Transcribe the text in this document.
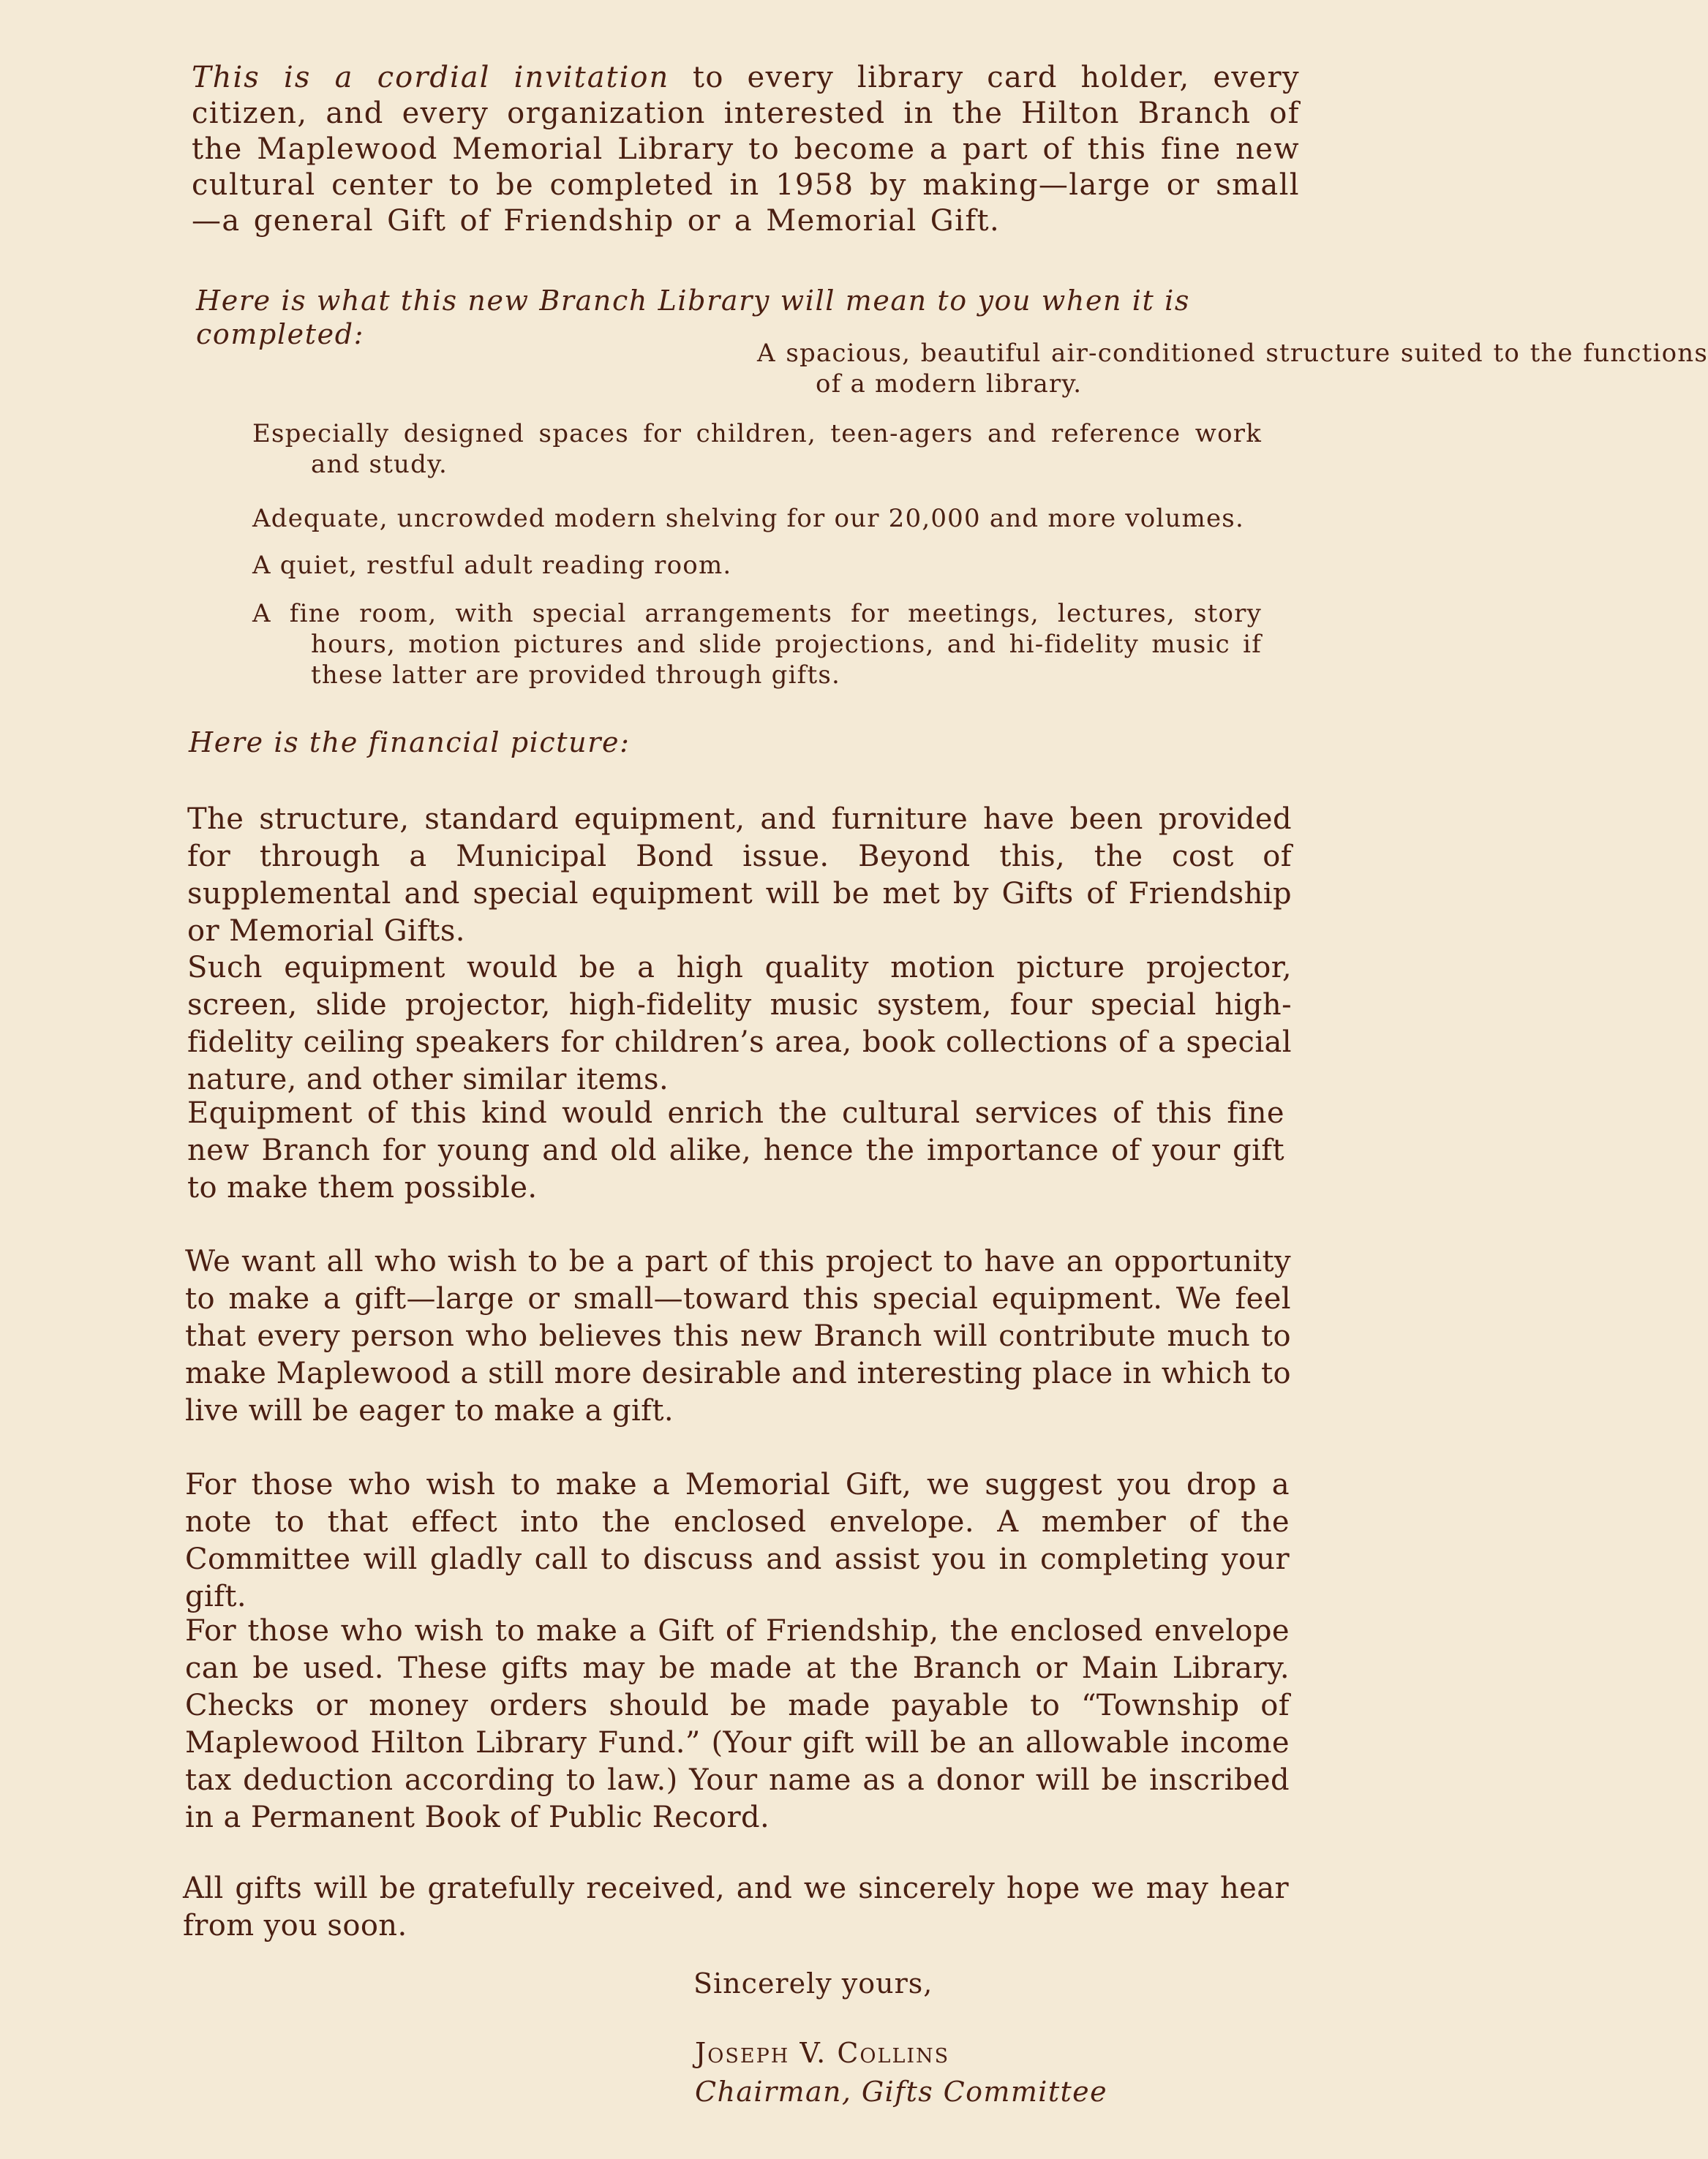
This is a cordial invitation to every library card holder, every citizen, and every organization interested in the Hilton Branch of the Maplewood Memorial Library to become a part of this fine new cultural center to be completed in 1958 by making—large or small—a general Gift of Friendship or a Memorial Gift.

Here is what this new Branch Library will mean to you when it is completed:
A spacious, beautiful air-conditioned structure suited to the functions of a modern library.
Especially designed spaces for children, teen-agers and reference work and study.
Adequate, uncrowded modern shelving for our 20,000 and more volumes.
A quiet, restful adult reading room.
A fine room, with special arrangements for meetings, lectures, story hours, motion pictures and slide projections, and hi-fidelity music if these latter are provided through gifts.
Here is the financial picture:

The structure, standard equipment, and furniture have been provided for through a Municipal Bond issue. Beyond this, the cost of supplemental and special equipment will be met by Gifts of Friendship or Memorial Gifts.

Such equipment would be a high quality motion picture projector, screen, slide projector, high-fidelity music system, four special high-fidelity ceiling speakers for children’s area, book collections of a special nature, and other similar items.

Equipment of this kind would enrich the cultural services of this fine new Branch for young and old alike, hence the importance of your gift to make them possible.

We want all who wish to be a part of this project to have an opportunity to make a gift—large or small—toward this special equipment. We feel that every person who believes this new Branch will contribute much to make Maplewood a still more desirable and interesting place in which to live will be eager to make a gift.

For those who wish to make a Memorial Gift, we suggest you drop a note to that effect into the enclosed envelope. A member of the Committee will gladly call to discuss and assist you in completing your gift.

For those who wish to make a Gift of Friendship, the enclosed envelope can be used. These gifts may be made at the Branch or Main Library. Checks or money orders should be made payable to “Township of Maplewood Hilton Library Fund.” (Your gift will be an allowable income tax deduction according to law.) Your name as a donor will be inscribed in a Permanent Book of Public Record.

All gifts will be gratefully received, and we sincerely hope we may hear from you soon.

Sincerely yours,
Joseph V. Collins
Chairman, Gifts Committee
